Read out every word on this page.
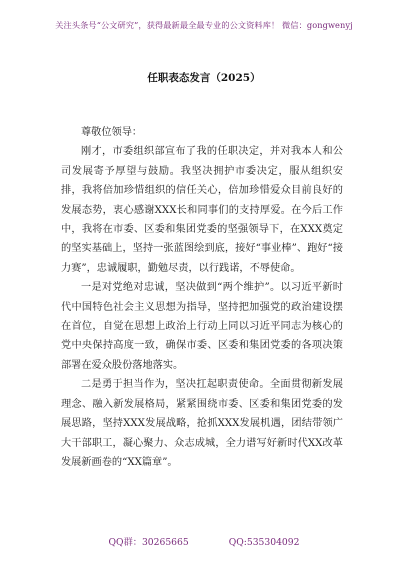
关注头条号“公文研究”，获得最新最全最专业的公文资料库！ 微信：gongwenyj
任职表态发言（2025）

尊敬位领导：

刚才，市委组织部宣布了我的任职决定，并对我本人和公司发展寄予厚望与鼓励。我坚决拥护市委决定，服从组织安排，我将倍加珍惜组织的信任关心，倍加珍惜爱众目前良好的发展态势，衷心感谢XXX长和同事们的支持厚爱。在今后工作中，我将在市委、区委和集团党委的坚强领导下，在XXX奠定的坚实基础上，坚持一张蓝图绘到底，接好“事业棒”、跑好“接力赛”，忠诚履职，勤勉尽责，以行践诺，不辱使命。

一是对党绝对忠诚，坚决做到“两个维护”。以习近平新时代中国特色社会主义思想为指导，坚持把加强党的政治建设摆在首位，自觉在思想上政治上行动上同以习近平同志为核心的党中央保持高度一致，确保市委、区委和集团党委的各项决策部署在爱众股份落地落实。

二是勇于担当作为，坚决扛起职责使命。全面贯彻新发展理念、融入新发展格局，紧紧围绕市委、区委和集团党委的发展思路，坚持XXX发展战略，抢抓XXX发展机遇，团结带领广大干部职工，凝心聚力、众志成城，全力谱写好新时代XX改革发展新画卷的“XX篇章”。

QQ群：30265665	QQ:535304092
